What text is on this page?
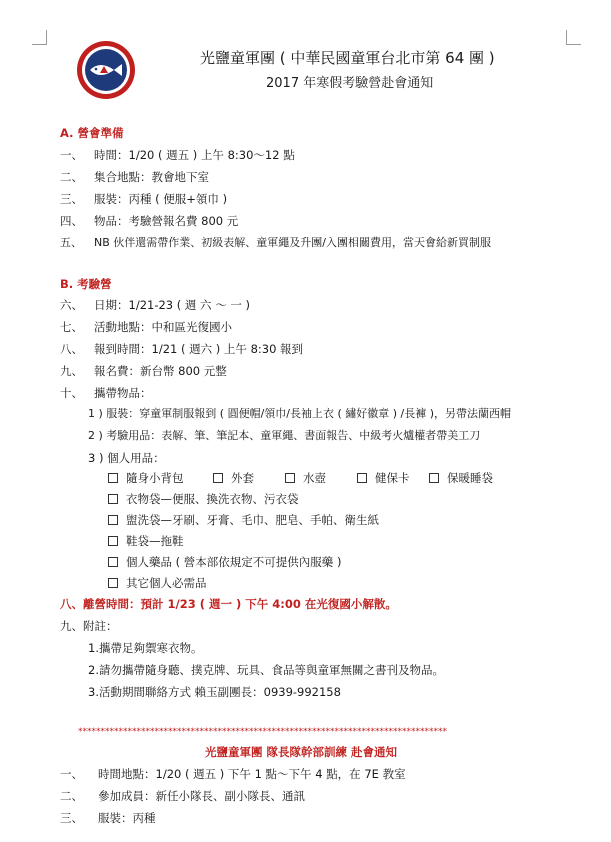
光鹽童軍團 ( 中華民國童軍台北市第 64 團 )
2017 年寒假考驗營赴會通知
A. 營會準備
一、 時間：1/20 ( 週五 ) 上午 8:30～12 點
二、 集合地點：教會地下室
三、 服裝：丙種 ( 便服+領巾 )
四、 物品：考驗營報名費 800 元
五、 NB 伙伴還需帶作業、初級表解、童軍繩及升團/入團相關費用，當天會給新買制服
B. 考驗營
六、 日期：1/21-23 ( 週 六 ～ 一 )
七、 活動地點：中和區光復國小
八、 報到時間：1/21 ( 週六 ) 上午 8:30 報到
九、 報名費：新台幣 800 元整
十、 攜帶物品：
1 ) 服裝：穿童軍制服報到 ( 圓便帽/領巾/長袖上衣 ( 繡好徽章 ) /長褲 )，另帶法蘭西帽
2 ) 考驗用品：表解、筆、筆記本、童軍繩、書面報告、中級考火爐權者帶美工刀
3 ) 個人用品：
隨身小背包	外套	水壺	健保卡	保暖睡袋
衣物袋—便服、換洗衣物、污衣袋
盥洗袋—牙刷、牙膏、毛巾、肥皂、手帕、衛生紙
鞋袋—拖鞋
個人藥品 ( 營本部依規定不可提供內服藥 )
其它個人必需品
八、離營時間：預計 1/23 ( 週一 ) 下午 4:00 在光復國小解散。
九、附註：
1.攜帶足夠禦寒衣物。
2.請勿攜帶隨身聽、撲克牌、玩具、食品等與童軍無關之書刊及物品。
3.活動期間聯絡方式 賴玉副團長：0939-992158
**********************************************************************************
光鹽童軍團 隊長隊幹部訓練 赴會通知
一、 時間地點：1/20 ( 週五 ) 下午 1 點～下午 4 點，在 7E 教室
二、 參加成員：新任小隊長、副小隊長、通訊
三、 服裝：丙種
